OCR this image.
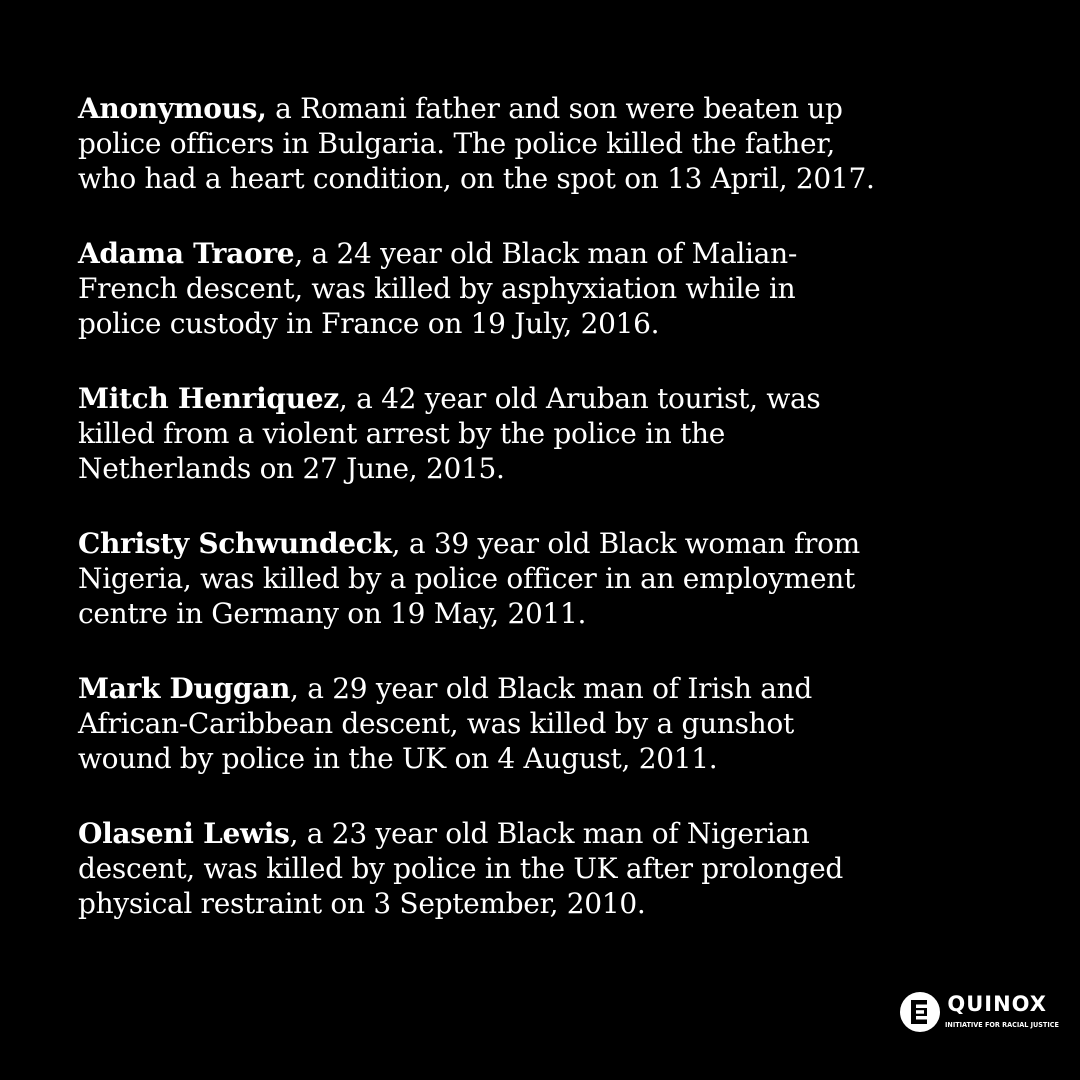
Anonymous, a Romani father and son were beaten up
police officers in Bulgaria. The police killed the father,
who had a heart condition, on the spot on 13 April, 2017.

Adama Traore, a 24 year old Black man of Malian-
French descent, was killed by asphyxiation while in
police custody in France on 19 July, 2016.

Mitch Henriquez, a 42 year old Aruban tourist, was
killed from a violent arrest by the police in the
Netherlands on 27 June, 2015.

Christy Schwundeck, a 39 year old Black woman from
Nigeria, was killed by a police officer in an employment
centre in Germany on 19 May, 2011.

Mark Duggan, a 29 year old Black man of Irish and
African-Caribbean descent, was killed by a gunshot
wound by police in the UK on 4 August, 2011.

Olaseni Lewis, a 23 year old Black man of Nigerian
descent, was killed by police in the UK after prolonged
physical restraint on 3 September, 2010.

QUINOX
INITIATIVE FOR RACIAL JUSTICE
